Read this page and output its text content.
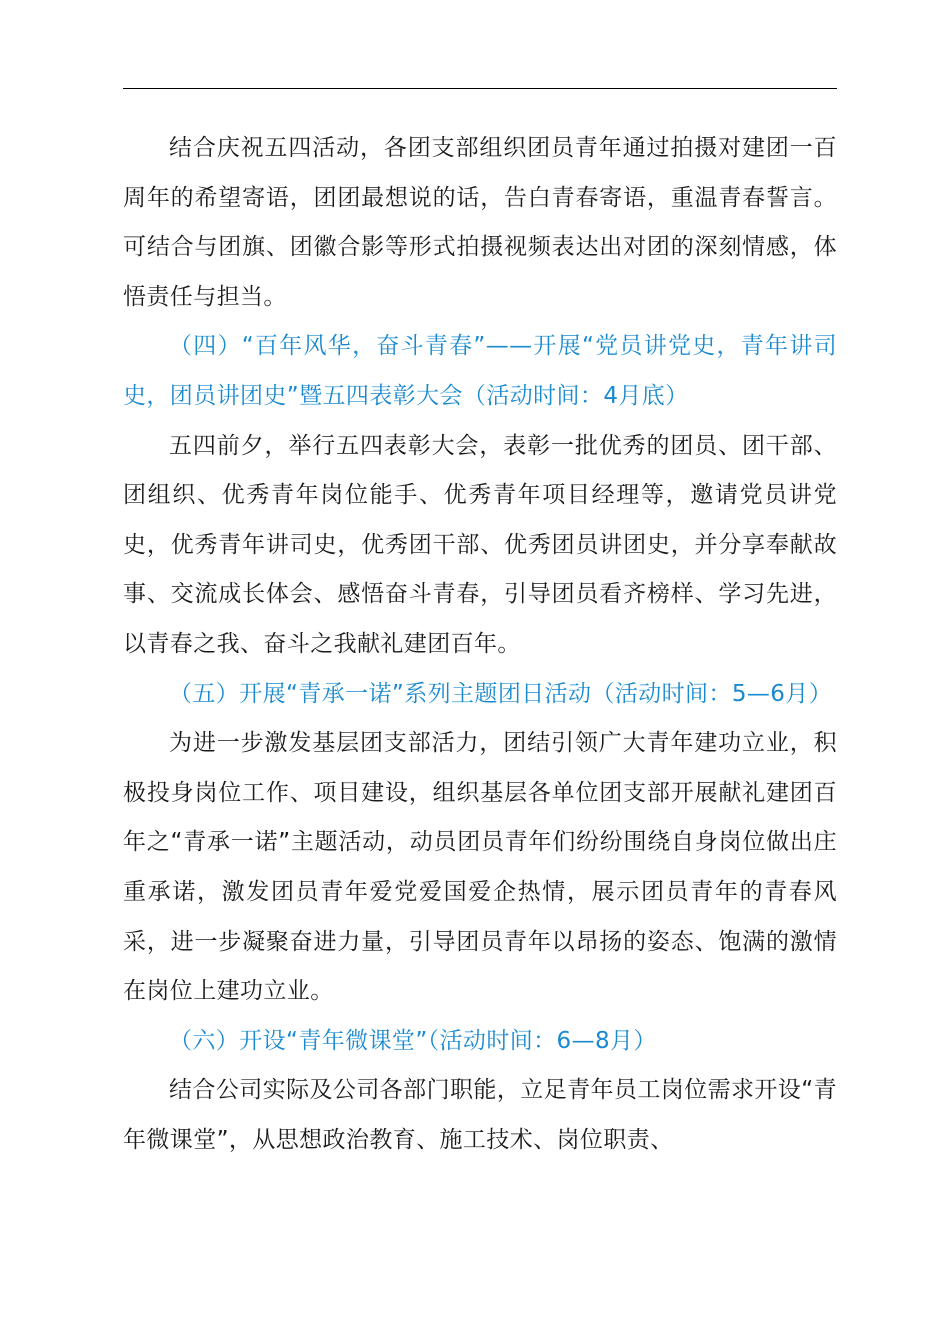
结合庆祝五四活动，各团支部组织团员青年通过拍摄对建团一百周年的希望寄语，团团最想说的话，告白青春寄语，重温青春誓言。可结合与团旗、团徽合影等形式拍摄视频表达出对团的深刻情感，体悟责任与担当。

（四）“百年风华，奋斗青春”——开展“党员讲党史，青年讲司史，团员讲团史”暨五四表彰大会（活动时间：4月底）

五四前夕，举行五四表彰大会，表彰一批优秀的团员、团干部、团组织、优秀青年岗位能手、优秀青年项目经理等，邀请党员讲党史，优秀青年讲司史，优秀团干部、优秀团员讲团史，并分享奉献故事、交流成长体会、感悟奋斗青春，引导团员看齐榜样、学习先进，以青春之我、奋斗之我献礼建团百年。

（五）开展“青承一诺”系列主题团日活动（活动时间：5—6月）

为进一步激发基层团支部活力，团结引领广大青年建功立业，积极投身岗位工作、项目建设，组织基层各单位团支部开展献礼建团百年之“青承一诺”主题活动，动员团员青年们纷纷围绕自身岗位做出庄重承诺，激发团员青年爱党爱国爱企热情，展示团员青年的青春风采，进一步凝聚奋进力量，引导团员青年以昂扬的姿态、饱满的激情在岗位上建功立业。

（六）开设“青年微课堂”（活动时间：6—8月）

结合公司实际及公司各部门职能，立足青年员工岗位需求开设“青年微课堂”，从思想政治教育、施工技术、岗位职责、
